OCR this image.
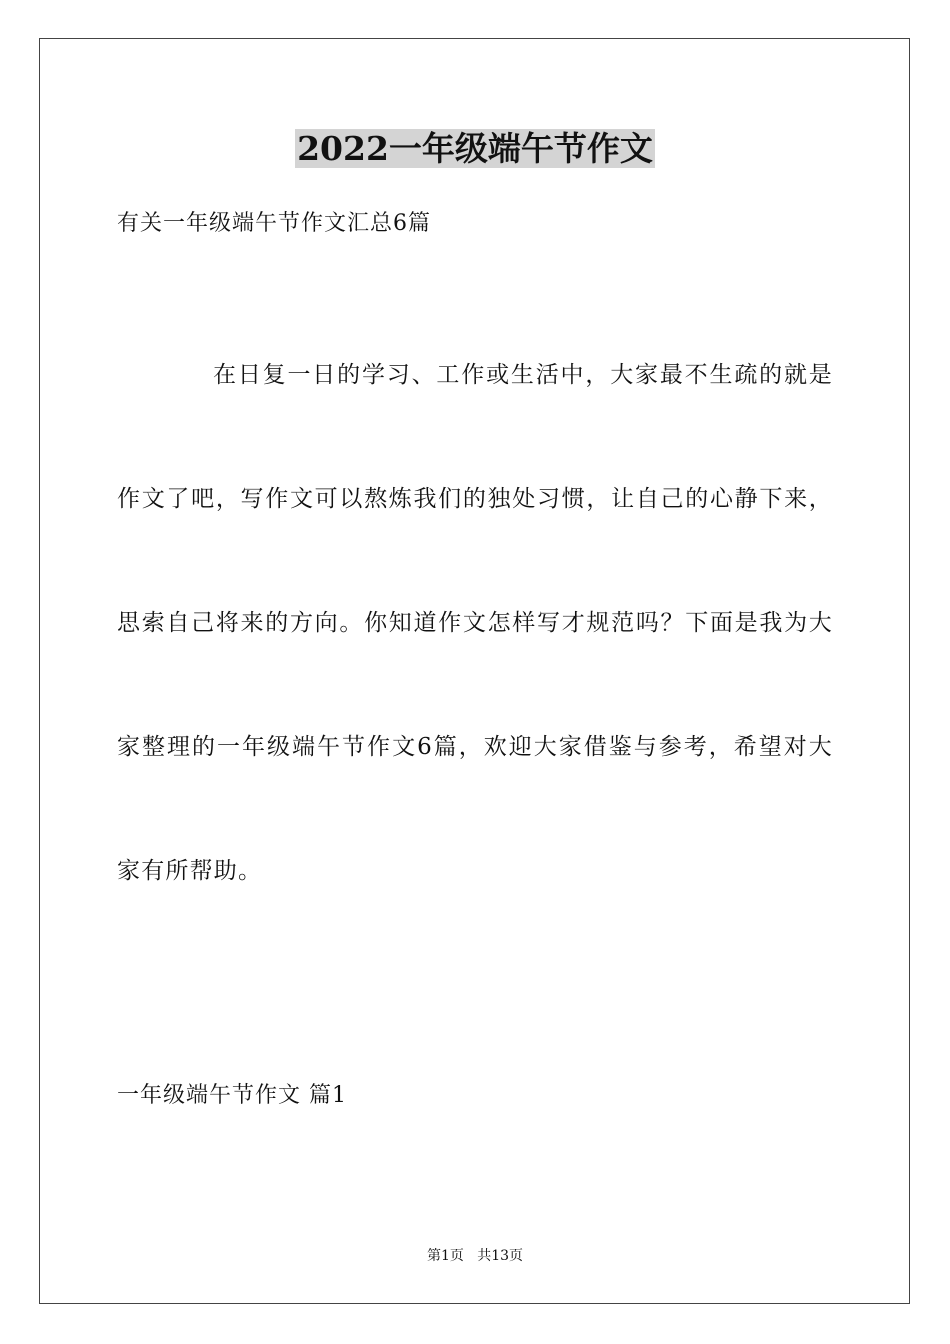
2022一年级端午节作文

有关一年级端午节作文汇总6篇

在日复一日的学习、工作或生活中，大家最不生疏的就是作文了吧，写作文可以熬炼我们的独处习惯，让自己的心静下来，思索自己将来的方向。你知道作文怎样写才规范吗？下面是我为大家整理的一年级端午节作文6篇，欢迎大家借鉴与参考，希望对大家有所帮助。

一年级端午节作文 篇1

第1页   共13页
